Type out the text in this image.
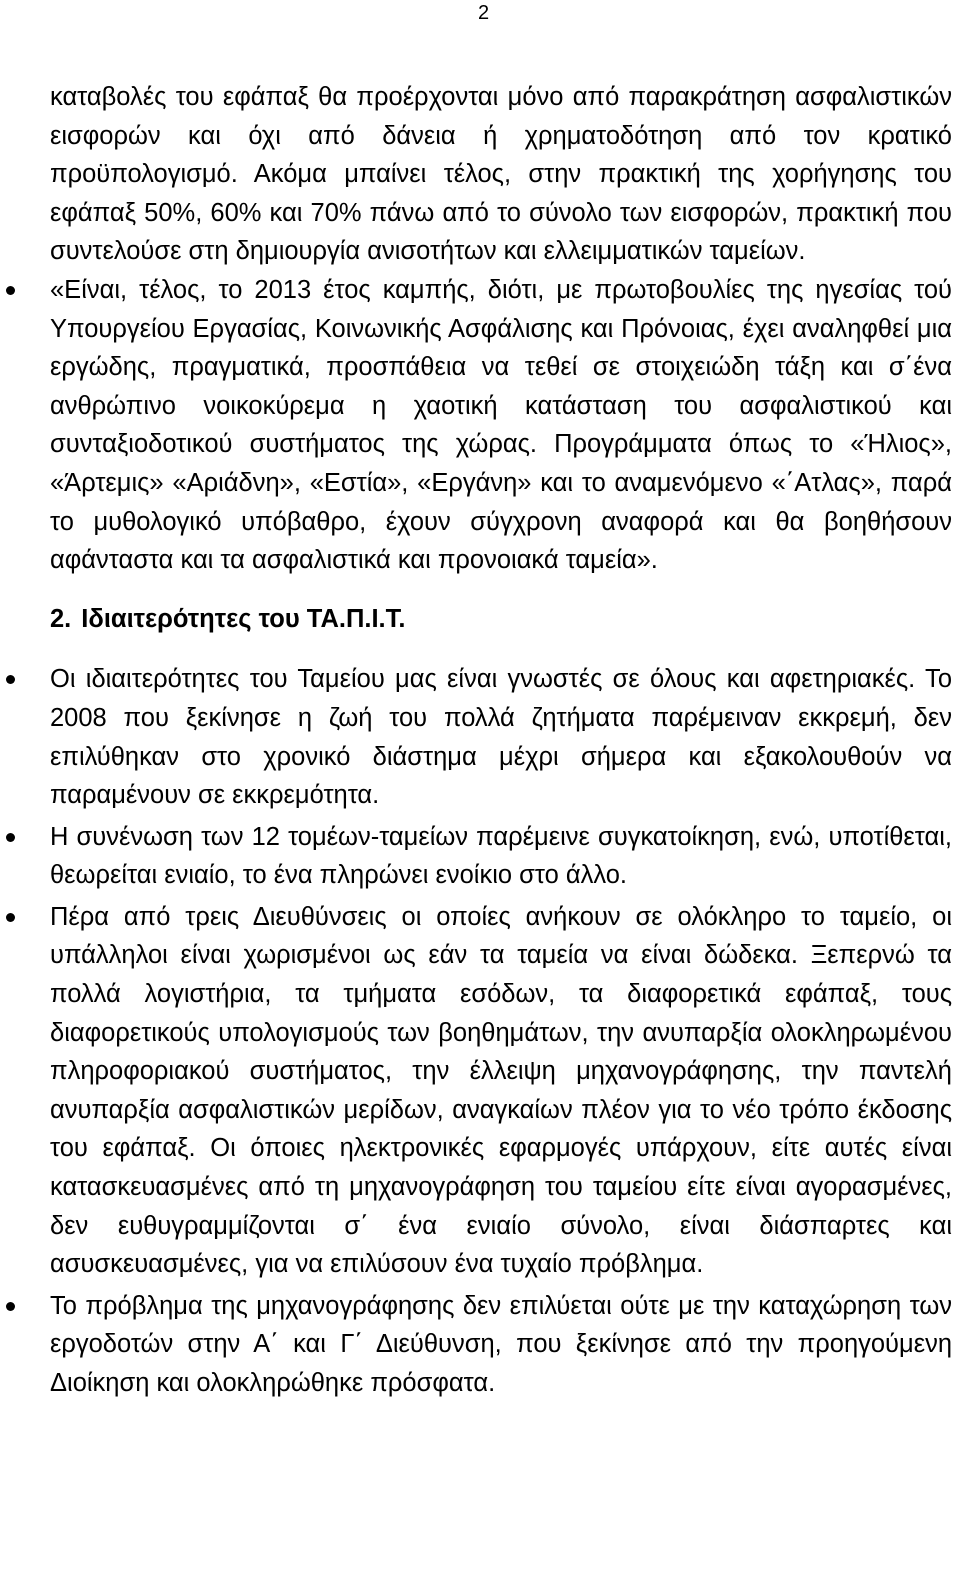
2

καταβολές του εφάπαξ θα προέρχονται μόνο από παρακράτηση ασφαλιστικών εισφορών και όχι από δάνεια ή χρηματοδότηση από τον κρατικό προϋπολογισμό. Ακόμα μπαίνει τέλος, στην πρακτική της χορήγησης του εφάπαξ 50%, 60% και 70% πάνω από το σύνολο των εισφορών, πρακτική που συντελούσε στη δημιουργία ανισοτήτων και ελλειμματικών ταμείων.

«Είναι, τέλος, το 2013 έτος καμπής, διότι, με πρωτοβουλίες της ηγεσίας τού Υπουργείου Εργασίας, Κοινωνικής Ασφάλισης και Πρόνοιας, έχει αναληφθεί μια εργώδης, πραγματικά, προσπάθεια να τεθεί σε στοιχειώδη τάξη και σ΄ένα ανθρώπινο νοικοκύρεμα η χαοτική κατάσταση του ασφαλιστικού και συνταξιοδοτικού συστήματος της χώρας. Προγράμματα όπως το «Ήλιος», «Άρτεμις» «Αριάδνη», «Εστία», «Εργάνη» και το αναμενόμενο «΄Ατλας», παρά το μυθολογικό υπόβαθρο, έχουν σύγχρονη αναφορά και θα βοηθήσουν αφάνταστα και τα ασφαλιστικά και προνοιακά ταμεία».
2. Ιδιαιτερότητες του ΤΑ.Π.Ι.Τ.
Οι ιδιαιτερότητες του Ταμείου μας είναι γνωστές σε όλους και αφετηριακές. Το 2008 που ξεκίνησε η ζωή του πολλά ζητήματα παρέμειναν εκκρεμή, δεν επιλύθηκαν στο χρονικό διάστημα μέχρι σήμερα και εξακολουθούν να παραμένουν σε εκκρεμότητα.
Η συνένωση των 12 τομέων-ταμείων παρέμεινε συγκατοίκηση, ενώ, υποτίθεται, θεωρείται ενιαίο, το ένα πληρώνει ενοίκιο στο άλλο.
Πέρα από τρεις Διευθύνσεις οι οποίες ανήκουν σε ολόκληρο το ταμείο, οι υπάλληλοι είναι χωρισμένοι ως εάν τα ταμεία να είναι δώδεκα. Ξεπερνώ τα πολλά λογιστήρια, τα τμήματα εσόδων, τα διαφορετικά εφάπαξ, τους διαφορετικούς υπολογισμούς των βοηθημάτων, την ανυπαρξία ολοκληρωμένου πληροφοριακού συστήματος, την έλλειψη μηχανογράφησης, την παντελή ανυπαρξία ασφαλιστικών μερίδων, αναγκαίων πλέον για το νέο τρόπο έκδοσης του εφάπαξ. Οι όποιες ηλεκτρονικές εφαρμογές υπάρχουν, είτε αυτές είναι κατασκευασμένες από τη μηχανογράφηση του ταμείου είτε είναι αγορασμένες, δεν ευθυγραμμίζονται σ΄ ένα ενιαίο σύνολο, είναι διάσπαρτες και ασυσκευασμένες, για να επιλύσουν ένα τυχαίο πρόβλημα.
Το πρόβλημα της μηχανογράφησης δεν επιλύεται ούτε με την καταχώρηση των εργοδοτών στην Α΄ και Γ΄ Διεύθυνση, που ξεκίνησε από την προηγούμενη Διοίκηση και ολοκληρώθηκε πρόσφατα.
